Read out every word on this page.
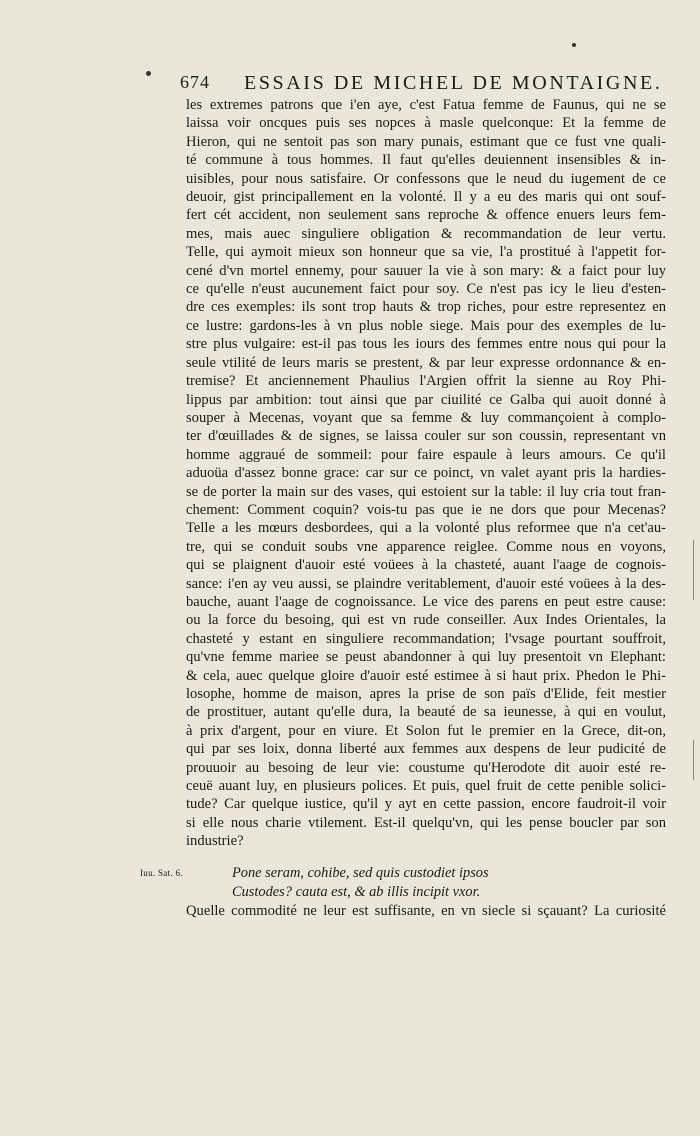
674 ESSAIS DE MICHEL DE MONTAIGNE.
les extremes patrons que i'en aye, c'est Fatua femme de Faunus, qui ne se
laissa voir oncques puis ses nopces à masle quelconque: Et la femme de
Hieron, qui ne sentoit pas son mary punais, estimant que ce fust vne quali-
té commune à tous hommes. Il faut qu'elles deuiennent insensibles & in-
uisibles, pour nous satisfaire. Or confessons que le neud du iugement de ce
deuoir, gist principallement en la volonté. Il y a eu des maris qui ont souf-
fert cét accident, non seulement sans reproche & offence enuers leurs fem-
mes, mais auec singuliere obligation & recommandation de leur vertu.
Telle, qui aymoit mieux son honneur que sa vie, l'a prostitué à l'appetit for-
cené d'vn mortel ennemy, pour sauuer la vie à son mary: & a faict pour luy
ce qu'elle n'eust aucunement faict pour soy. Ce n'est pas icy le lieu d'esten-
dre ces exemples: ils sont trop hauts & trop riches, pour estre representez en
ce lustre: gardons-les à vn plus noble siege. Mais pour des exemples de lu-
stre plus vulgaire: est-il pas tous les iours des femmes entre nous qui pour la
seule vtilité de leurs maris se prestent, & par leur expresse ordonnance & en-
tremise? Et anciennement Phaulius l'Argien offrit la sienne au Roy Phi-
lippus par ambition: tout ainsi que par ciuilité ce Galba qui auoit donné à
souper à Mecenas, voyant que sa femme & luy commançoient à complo-
ter d'œuillades & de signes, se laissa couler sur son coussin, representant vn
homme aggraué de sommeil: pour faire espaule à leurs amours. Ce qu'il
aduoüa d'assez bonne grace: car sur ce poinct, vn valet ayant pris la hardies-
se de porter la main sur des vases, qui estoient sur la table: il luy cria tout fran-
chement: Comment coquin? vois-tu pas que ie ne dors que pour Mecenas?
Telle a les mœurs desbordees, qui a la volonté plus reformee que n'a cet'au-
tre, qui se conduit soubs vne apparence reiglee. Comme nous en voyons,
qui se plaignent d'auoir esté voüees à la chasteté, auant l'aage de cognois-
sance: i'en ay veu aussi, se plaindre veritablement, d'auoir esté voüees à la des-
bauche, auant l'aage de cognoissance. Le vice des parens en peut estre cause:
ou la force du besoing, qui est vn rude conseiller. Aux Indes Orientales, la
chasteté y estant en singuliere recommandation; l'vsage pourtant souffroit,
qu'vne femme mariee se peust abandonner à qui luy presentoit vn Elephant:
& cela, auec quelque gloire d'auoir esté estimee à si haut prix. Phedon le Phi-
losophe, homme de maison, apres la prise de son païs d'Elide, feit mestier
de prostituer, autant qu'elle dura, la beauté de sa ieunesse, à qui en voulut,
à prix d'argent, pour en viure. Et Solon fut le premier en la Grece, dit-on,
qui par ses loix, donna liberté aux femmes aux despens de leur pudicité de
prouuoir au besoing de leur vie: coustume qu'Herodote dit auoir esté re-
ceuë auant luy, en plusieurs polices. Et puis, quel fruit de cette penible solici-
tude? Car quelque iustice, qu'il y ayt en cette passion, encore faudroit-il voir
si elle nous charie vtilement. Est-il quelqu'vn, qui les pense boucler par son
industrie?
Iuu. Sat. 6.	Pone seram, cohibe, sed quis custodiet ipsos
Custodes? cauta est, & ab illis incipit vxor.
Quelle commodité ne leur est suffisante, en vn siecle si sçauant? La curiosité
